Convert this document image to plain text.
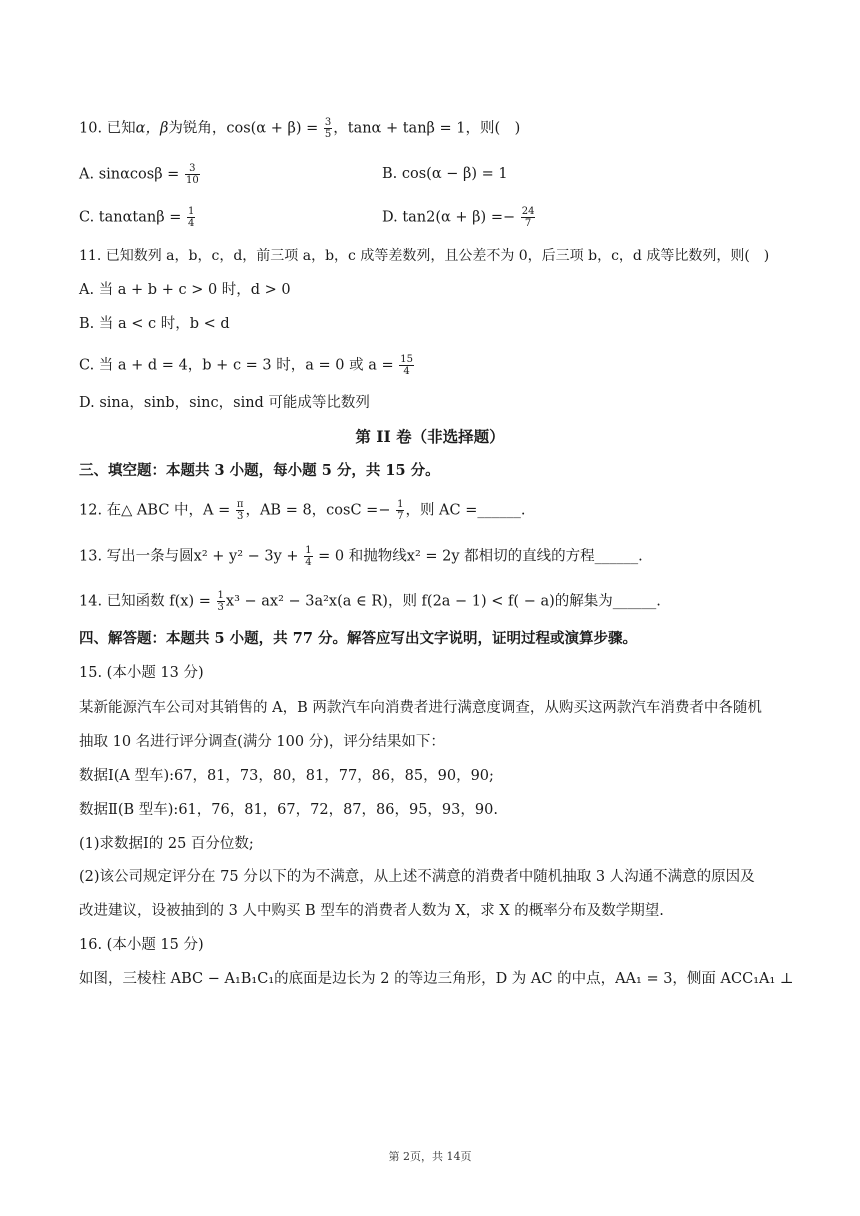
10. 已知α，β为锐角，$\cos(\alpha + \beta) = \frac{3}{5}$ ，tanα + tanβ = 1，则(　)
A. $\sin\alpha\cos\beta = \frac{3}{10}$	B. cos(α − β) = 1
C. $\tan\alpha\tan\beta = \frac{1}{4}$	D. $\tan 2(\alpha + \beta) =- \frac{24}{7}$
11. 已知数列 a，b，c，d，前三项 a，b，c 成等差数列，且公差不为 0，后三项 b，c，d 成等比数列，则(　)
A. 当 a + b + c > 0 时，d > 0
B. 当 a < c 时，b < d
C. 当 a + d = 4，b + c = 3 时，a = 0 或 $a = \frac{15}{4}$
D. sina，sinb，sinc，sind 可能成等比数列
第 II 卷（非选择题）
三、填空题：本题共 3 小题，每小题 5 分，共 15 分。
12. 在△ ABC 中，$A = \frac{\pi}{3}$ ，AB = 8，$\cos C =- \frac{1}{7}$ ，则 AC =______.
13. 写出一条与圆$x^2 + y^2 - 3y + \frac{1}{4} = 0$ 和抛物线x² = 2y 都相切的直线的方程______.
14. 已知函数 $f(x) = \frac{1}{3} x^3 - ax^2 - 3a^2x(a$ ∈ R)，则 f(2a − 1) < f( − a)的解集为______.
四、解答题：本题共 5 小题，共 77 分。解答应写出文字说明，证明过程或演算步骤。
15. (本小题 13 分)
某新能源汽车公司对其销售的 A，B 两款汽车向消费者进行满意度调查，从购买这两款汽车消费者中各随机
抽取 10 名进行评分调查(满分 100 分)，评分结果如下：
数据Ⅰ(A 型车):67，81，73，80，81，77，86，85，90，90;
数据Ⅱ(B 型车):61，76，81，67，72，87，86，95，93，90.
(1)求数据Ⅰ的 25 百分位数;
(2)该公司规定评分在 75 分以下的为不满意，从上述不满意的消费者中随机抽取 3 人沟通不满意的原因及
改进建议，设被抽到的 3 人中购买 B 型车的消费者人数为 X，求 X 的概率分布及数学期望.
16. (本小题 15 分)
如图，三棱柱 ABC − A₁B₁C₁的底面是边长为 2 的等边三角形，D 为 AC 的中点，AA₁ = 3，侧面 ACC₁A₁ ⊥
第 2页，共 14页
